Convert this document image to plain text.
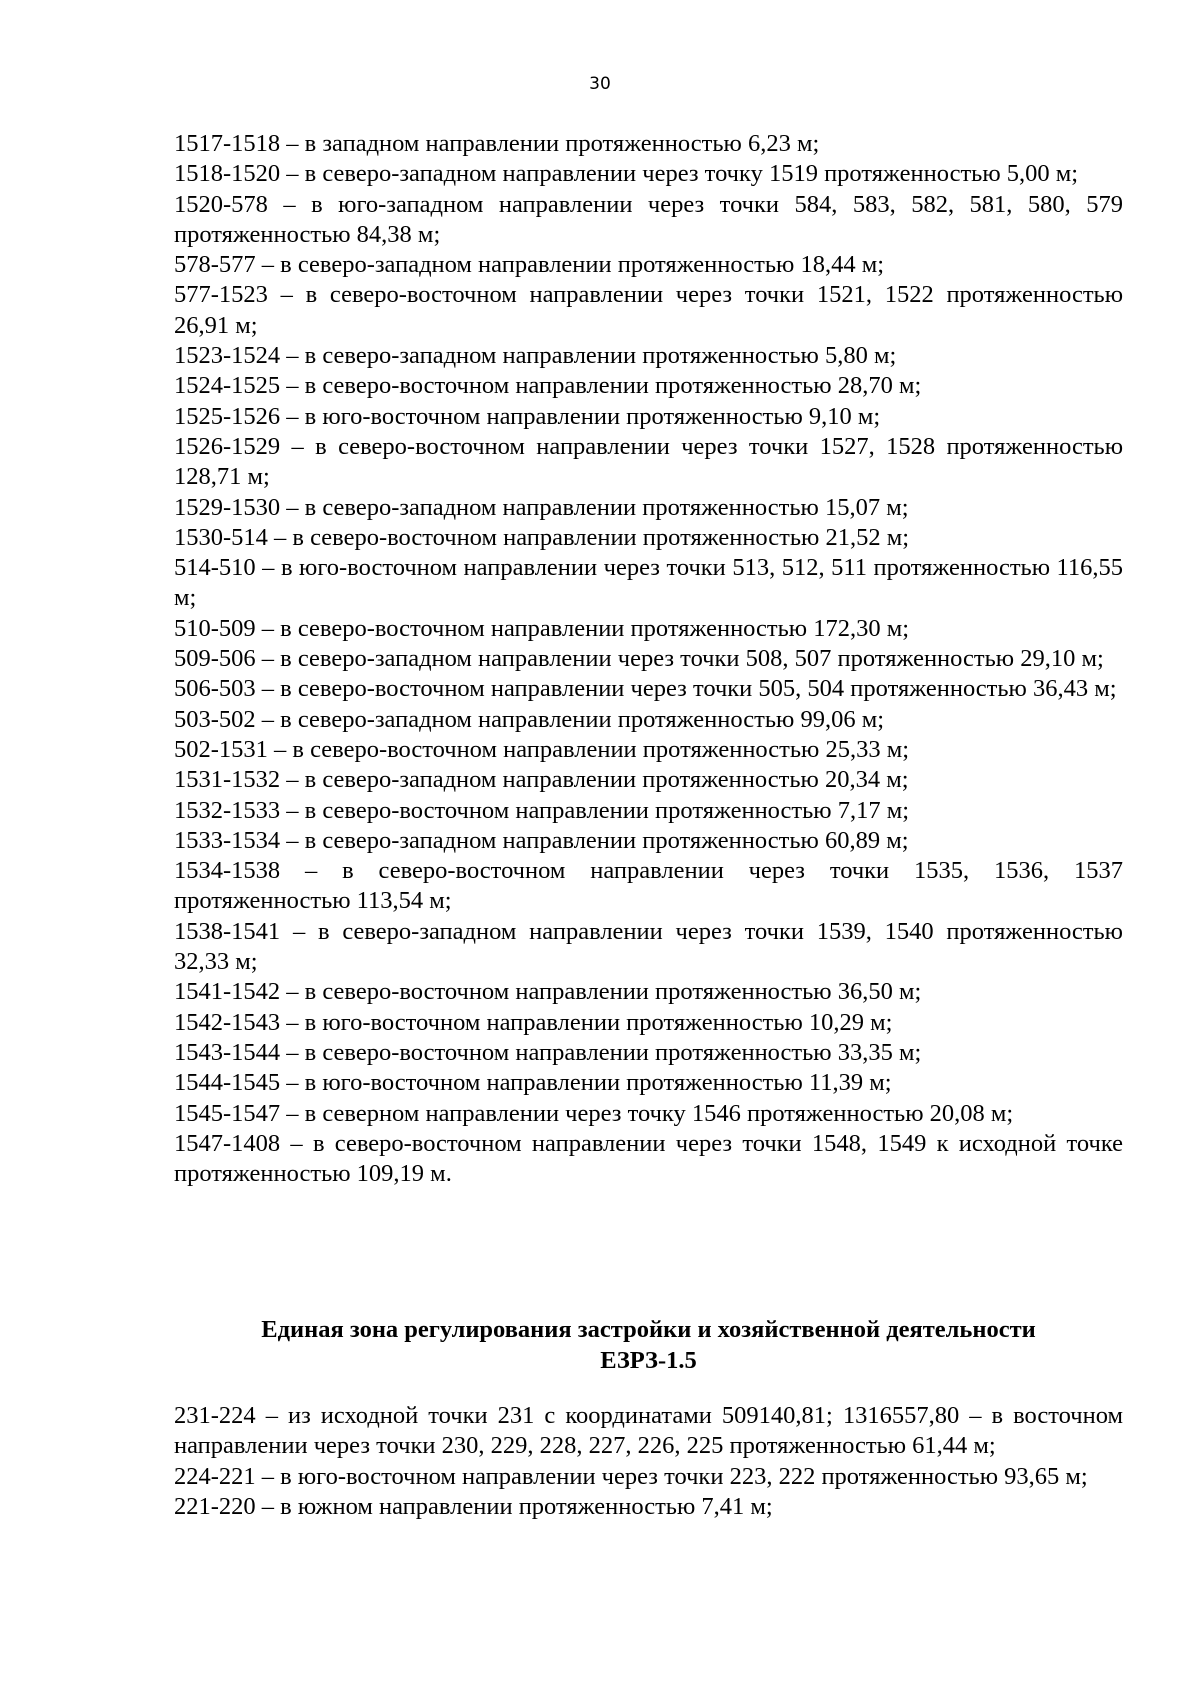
30

1517-1518 – в западном направлении протяженностью 6,23 м;

1518-1520 – в северо-западном направлении через точку 1519 протяженностью 5,00 м;

1520-578 – в юго-западном направлении через точки 584, 583, 582, 581, 580, 579 протяженностью 84,38 м;

578-577 – в северо-западном направлении протяженностью 18,44 м;

577-1523 – в северо-восточном направлении через точки 1521, 1522 протяженностью 26,91 м;

1523-1524 – в северо-западном направлении протяженностью 5,80 м;

1524-1525 – в северо-восточном направлении протяженностью 28,70 м;

1525-1526 – в юго-восточном направлении протяженностью 9,10 м;

1526-1529 – в северо-восточном направлении через точки 1527, 1528 протяженностью 128,71 м;

1529-1530 – в северо-западном направлении протяженностью 15,07 м;

1530-514 – в северо-восточном направлении протяженностью 21,52 м;

514-510 – в юго-восточном направлении через точки 513, 512, 511 протяженностью 116,55 м;

510-509 – в северо-восточном направлении протяженностью 172,30 м;

509-506 – в северо-западном направлении через точки 508, 507 протяженностью 29,10 м;

506-503 – в северо-восточном направлении через точки 505, 504 протяженностью 36,43 м;

503-502 – в северо-западном направлении протяженностью 99,06 м;

502-1531 – в северо-восточном направлении протяженностью 25,33 м;

1531-1532 – в северо-западном направлении протяженностью 20,34 м;

1532-1533 – в северо-восточном направлении протяженностью 7,17 м;

1533-1534 – в северо-западном направлении протяженностью 60,89 м;

1534-1538 – в северо-восточном направлении через точки 1535, 1536, 1537 протяженностью 113,54 м;

1538-1541 – в северо-западном направлении через точки 1539, 1540 протяженностью 32,33 м;

1541-1542 – в северо-восточном направлении протяженностью 36,50 м;

1542-1543 – в юго-восточном направлении протяженностью 10,29 м;

1543-1544 – в северо-восточном направлении протяженностью 33,35 м;

1544-1545 – в юго-восточном направлении протяженностью 11,39 м;

1545-1547 – в северном направлении через точку 1546 протяженностью 20,08 м;

1547-1408 – в северо-восточном направлении через точки 1548, 1549 к исходной точке протяженностью 109,19 м.

Единая зона регулирования застройки и хозяйственной деятельности
ЕЗРЗ-1.5

231-224 – из исходной точки 231 с координатами 509140,81; 1316557,80 – в восточном направлении через точки 230, 229, 228, 227, 226, 225 протяженностью 61,44 м;

224-221 – в юго-восточном направлении через точки 223, 222 протяженностью 93,65 м;

221-220 – в южном направлении протяженностью 7,41 м;
